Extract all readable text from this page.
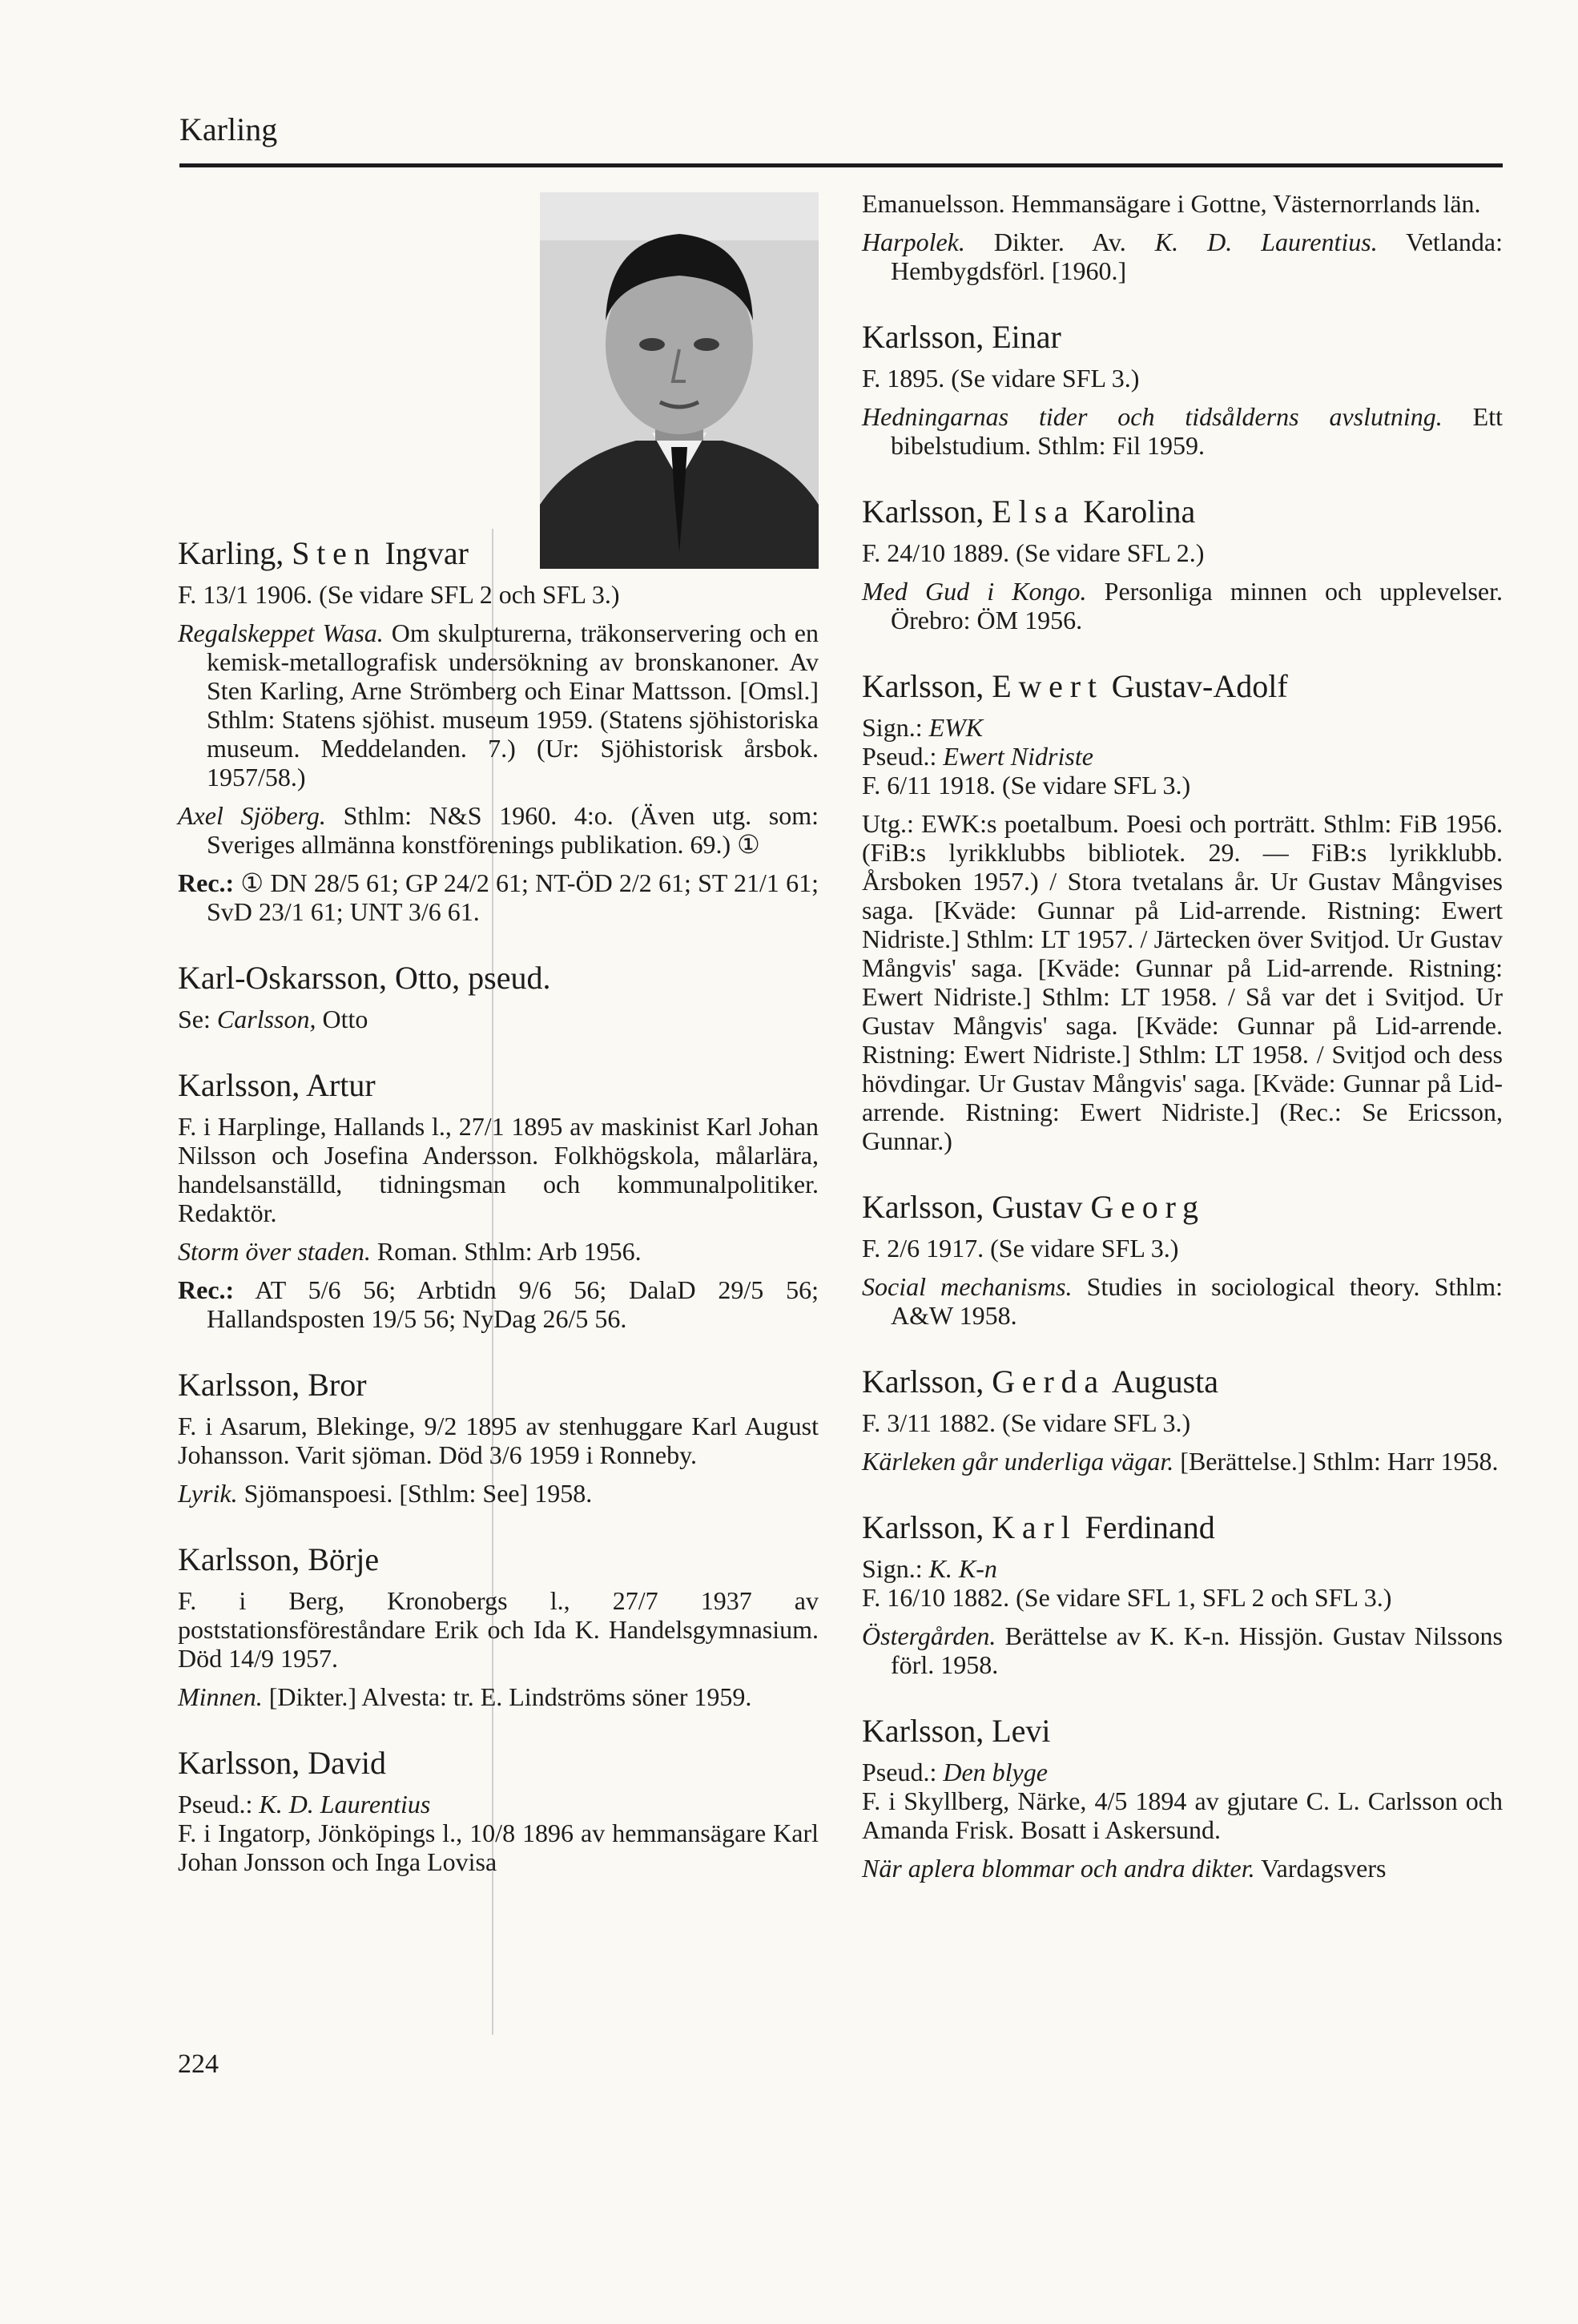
Karling
Karling, Sten Ingvar

F. 13/1 1906. (Se vidare SFL 2 och SFL 3.)

Regalskeppet Wasa. Om skulpturerna, träkonservering och en kemisk-metallografisk undersökning av bronskanoner. Av Sten Karling, Arne Strömberg och Einar Mattsson. [Omsl.] Sthlm: Statens sjöhist. museum 1959. (Statens sjöhistoriska museum. Meddelanden. 7.) (Ur: Sjöhistorisk årsbok. 1957/58.)

Axel Sjöberg. Sthlm: N&S 1960. 4:o. (Även utg. som: Sveriges allmänna konstförenings publikation. 69.) ①

Rec.: ① DN 28/5 61; GP 24/2 61; NT-ÖD 2/2 61; ST 21/1 61; SvD 23/1 61; UNT 3/6 61.

Karl-Oskarsson, Otto, pseud.

Se: Carlsson, Otto

Karlsson, Artur

F. i Harplinge, Hallands l., 27/1 1895 av maskinist Karl Johan Nilsson och Josefina Andersson. Folkhögskola, målarlära, handelsanställd, tidningsman och kommunalpolitiker. Redaktör.

Storm över staden. Roman. Sthlm: Arb 1956.

Rec.: AT 5/6 56; Arbtidn 9/6 56; DalaD 29/5 56; Hallandsposten 19/5 56; NyDag 26/5 56.

Karlsson, Bror

F. i Asarum, Blekinge, 9/2 1895 av stenhuggare Karl August Johansson. Varit sjöman. Död 3/6 1959 i Ronneby.

Lyrik. Sjömanspoesi. [Sthlm: See] 1958.

Karlsson, Börje

F. i Berg, Kronobergs l., 27/7 1937 av poststationsföreståndare Erik och Ida K. Handelsgymnasium. Död 14/9 1957.

Minnen. [Dikter.] Alvesta: tr. E. Lindströms söner 1959.

Karlsson, David

Pseud.: K. D. Laurentius

F. i Ingatorp, Jönköpings l., 10/8 1896 av hemmansägare Karl Johan Jonsson och Inga Lovisa

Emanuelsson. Hemmansägare i Gottne, Västernorrlands län.

Harpolek. Dikter. Av. K. D. Laurentius. Vetlanda: Hembygdsförl. [1960.]

Karlsson, Einar

F. 1895. (Se vidare SFL 3.)

Hedningarnas tider och tidsålderns avslutning. Ett bibelstudium. Sthlm: Fil 1959.

Karlsson, Elsa Karolina

F. 24/10 1889. (Se vidare SFL 2.)

Med Gud i Kongo. Personliga minnen och upplevelser. Örebro: ÖM 1956.

Karlsson, Ewert Gustav-Adolf

Sign.: EWK

Pseud.: Ewert Nidriste

F. 6/11 1918. (Se vidare SFL 3.)

Utg.: EWK:s poetalbum. Poesi och porträtt. Sthlm: FiB 1956. (FiB:s lyrikklubbs bibliotek. 29. — FiB:s lyrikklubb. Årsboken 1957.) / Stora tvetalans år. Ur Gustav Mångvises saga. [Kväde: Gunnar på Lid-arrende. Ristning: Ewert Nidriste.] Sthlm: LT 1957. / Järtecken över Svitjod. Ur Gustav Mångvis' saga. [Kväde: Gunnar på Lid-arrende. Ristning: Ewert Nidriste.] Sthlm: LT 1958. / Så var det i Svitjod. Ur Gustav Mångvis' saga. [Kväde: Gunnar på Lid-arrende. Ristning: Ewert Nidriste.] Sthlm: LT 1958. / Svitjod och dess hövdingar. Ur Gustav Mångvis' saga. [Kväde: Gunnar på Lid-arrende. Ristning: Ewert Nidriste.] (Rec.: Se Ericsson, Gunnar.)

Karlsson, Gustav Georg

F. 2/6 1917. (Se vidare SFL 3.)

Social mechanisms. Studies in sociological theory. Sthlm: A&W 1958.

Karlsson, Gerda Augusta

F. 3/11 1882. (Se vidare SFL 3.)

Kärleken går underliga vägar. [Berättelse.] Sthlm: Harr 1958.

Karlsson, Karl Ferdinand

Sign.: K. K-n

F. 16/10 1882. (Se vidare SFL 1, SFL 2 och SFL 3.)

Östergården. Berättelse av K. K-n. Hissjön. Gustav Nilssons förl. 1958.

Karlsson, Levi

Pseud.: Den blyge

F. i Skyllberg, Närke, 4/5 1894 av gjutare C. L. Carlsson och Amanda Frisk. Bosatt i Askersund.

När aplera blommar och andra dikter. Vardagsvers

224
